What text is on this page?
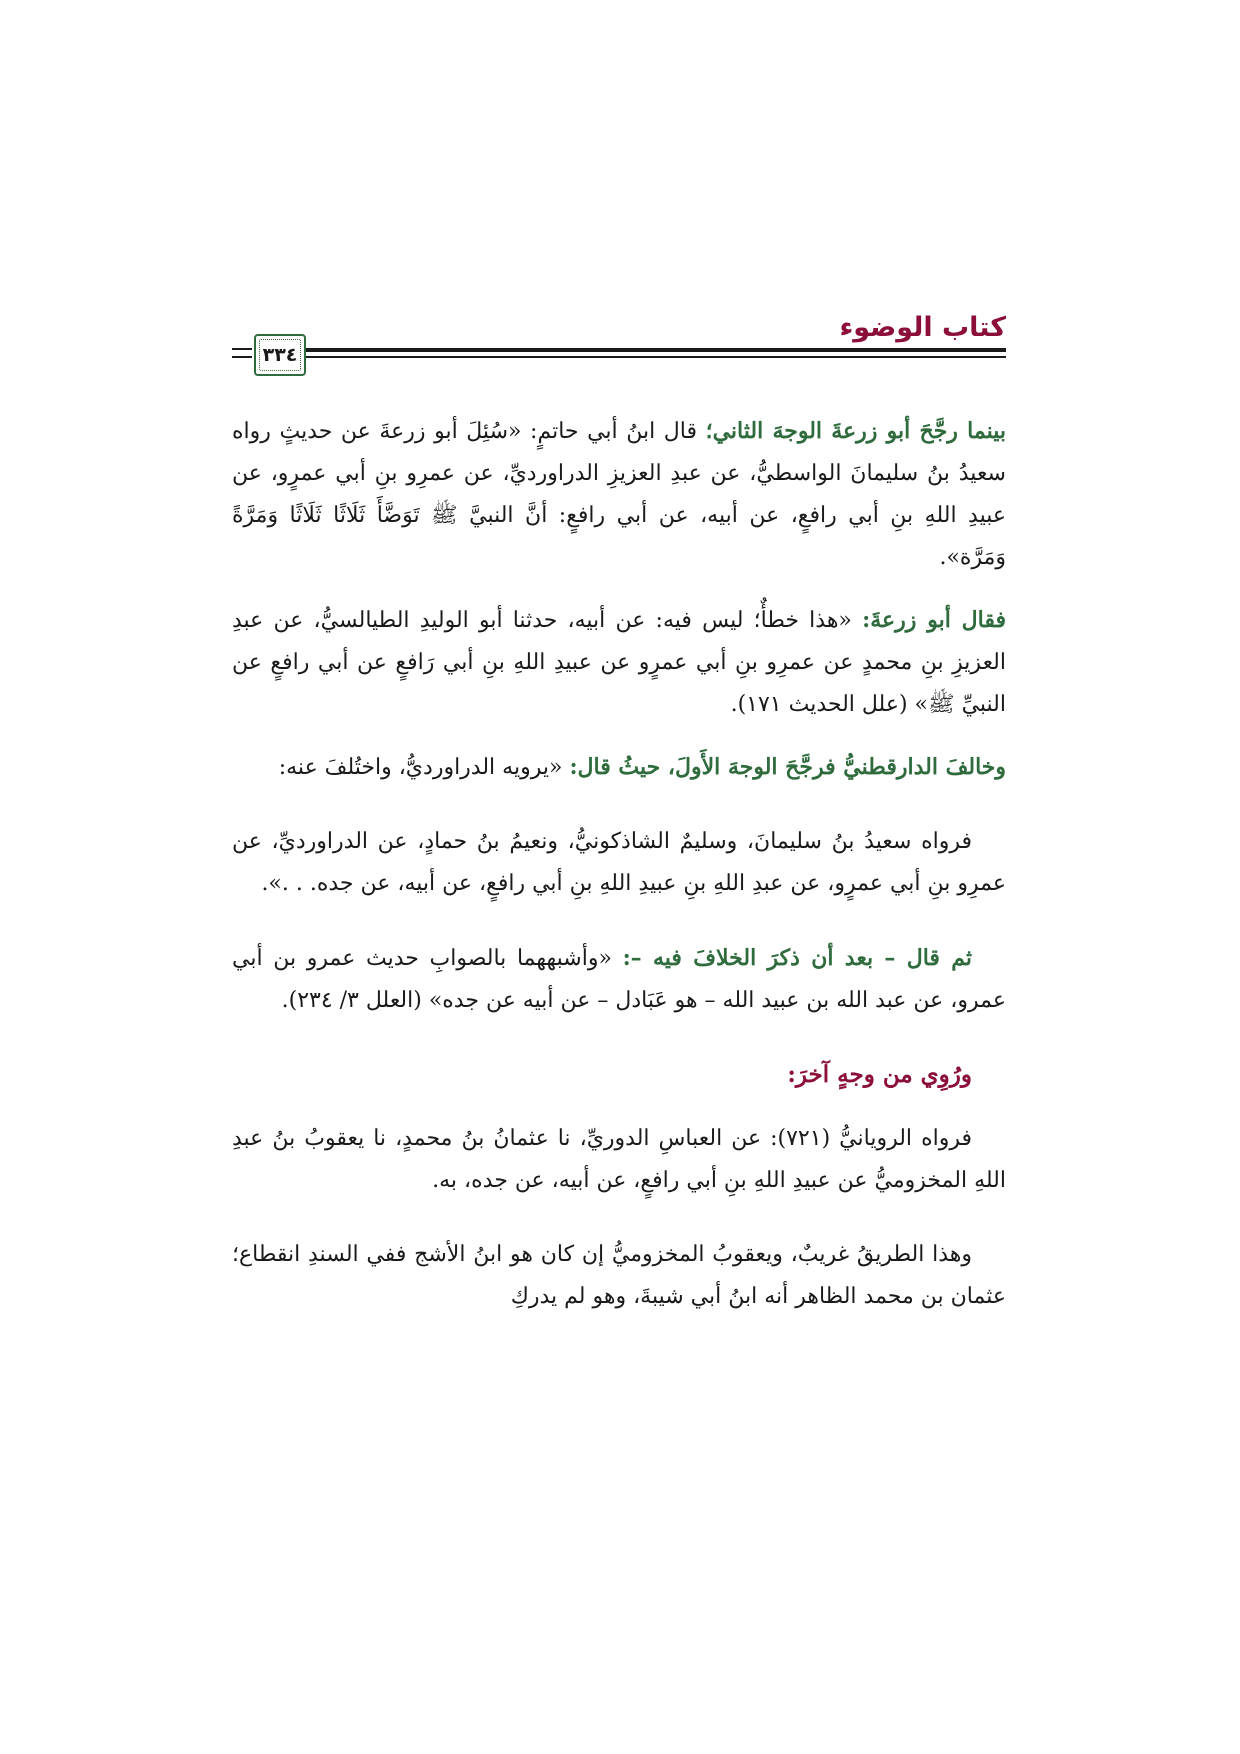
كتاب الوضوء
٣٣٤

بينما رجَّحَ أبو زرعةَ الوجهَ الثاني؛ قال ابنُ أبي حاتمٍ: «سُئِلَ أبو زرعةَ عن حديثٍ رواه سعيدُ بنُ سليمانَ الواسطيُّ، عن عبدِ العزيزِ الدراورديِّ، عن عمرِو بنِ أبي عمرٍو، عن عبيدِ اللهِ بنِ أبي رافعٍ، عن أبيه، عن أبي رافعٍ: أنَّ النبيَّ ﷺ تَوَضَّأَ ثَلَاثًا ثَلَاثًا وَمَرَّةً وَمَرَّة».

فقال أبو زرعةَ: «هذا خطأٌ؛ ليس فيه: عن أبيه، حدثنا أبو الوليدِ الطيالسيُّ، عن عبدِ العزيزِ بنِ محمدٍ عن عمرِو بنِ أبي عمرٍو عن عبيدِ اللهِ بنِ أبي رَافعٍ عن أبي رافعٍ عن النبيِّ ﷺ» (علل الحديث ١٧١).

وخالفَ الدارقطنيُّ فرجَّحَ الوجهَ الأَولَ، حيثُ قال: «يرويه الدراورديُّ، واختُلفَ عنه:

فرواه سعيدُ بنُ سليمانَ، وسليمٌ الشاذكونيُّ، ونعيمُ بنُ حمادٍ، عن الدراورديِّ، عن عمرِو بنِ أبي عمرٍو، عن عبدِ اللهِ بنِ عبيدِ اللهِ بنِ أبي رافعٍ، عن أبيه، عن جده. . .».

ثم قال – بعد أن ذكرَ الخلافَ فيه –: «وأشبههما بالصوابِ حديث عمرو بن أبي عمرو، عن عبد الله بن عبيد الله – هو عَبَادل – عن أبيه عن جده» (العلل ٣/ ٢٣٤).

ورُوِي من وجهٍ آخرَ:

فرواه الرويانيُّ (٧٢١): عن العباسِ الدوريِّ، نا عثمانُ بنُ محمدٍ، نا يعقوبُ بنُ عبدِ اللهِ المخزوميُّ عن عبيدِ اللهِ بنِ أبي رافعٍ، عن أبيه، عن جده، به.

وهذا الطريقُ غريبٌ، ويعقوبُ المخزوميُّ إن كان هو ابنُ الأشج ففي السندِ انقطاع؛ عثمان بن محمد الظاهر أنه ابنُ أبي شيبةَ، وهو لم يدركِ
